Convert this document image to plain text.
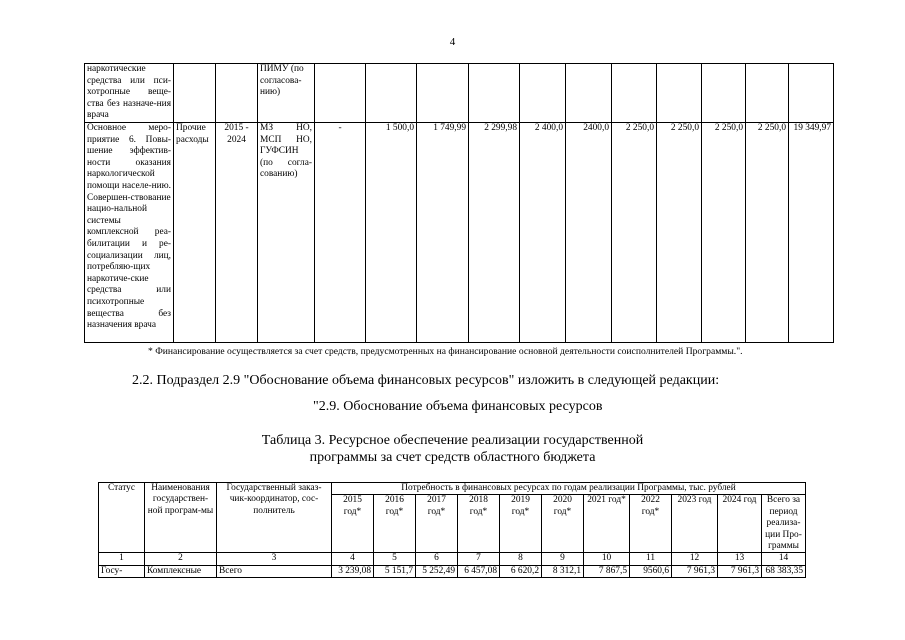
4
наркотические средства или пси-хотропные веще-ства без назначе-ния врача			ПИМУ (по согласова-нию)											
Основное меро-приятие 6. Повы-шение эффектив-ности оказания наркологической помощи населе-нию. Совершен-ствование нацио-нальной системы комплексной реа-билитации и ре-социализации лиц, потребляю-щих наркотиче-ские средства или психотропные вещества без назначения врача	Прочие расходы	2015 - 2024	МЗ НО, МСП НО, ГУФСИН (по согла-сованию)	-	1 500,0	1 749,99	2 299,98	2 400,0	2400,0	2 250,0	2 250,0	2 250,0	2 250,0	19 349,97
* Финансирование осуществляется за счет средств, предусмотренных на финансирование основной деятельности соисполнителей Программы.".
2.2. Подраздел 2.9 "Обоснование объема финансовых ресурсов" изложить в следующей редакции:
"2.9. Обоснование объема финансовых ресурсов
Таблица 3. Ресурсное обеспечение реализации государственной
программы за счет средств областного бюджета
Статус	Наименования государствен-ной програм-мы	Государственный заказ-чик-координатор, сос-полнитель	Потребность в финансовых ресурсах по годам реализации Программы, тыс. рублей										
			2015 год*	2016 год*	2017 год*	2018 год*	2019 год*	2020 год*	2021 год*	2022 год*	2023 год	2024 год	Всего за период реализа-ции Про-граммы
1	2	3	4	5	6	7	8	9	10	11	12	13	14
Госу-	Комплексные	Всего	3 239,08	5 151,7	5 252,49	6 457,08	6 620,2	8 312,1	7 867,5	9560,6	7 961,3	7 961,3	68 383,35
